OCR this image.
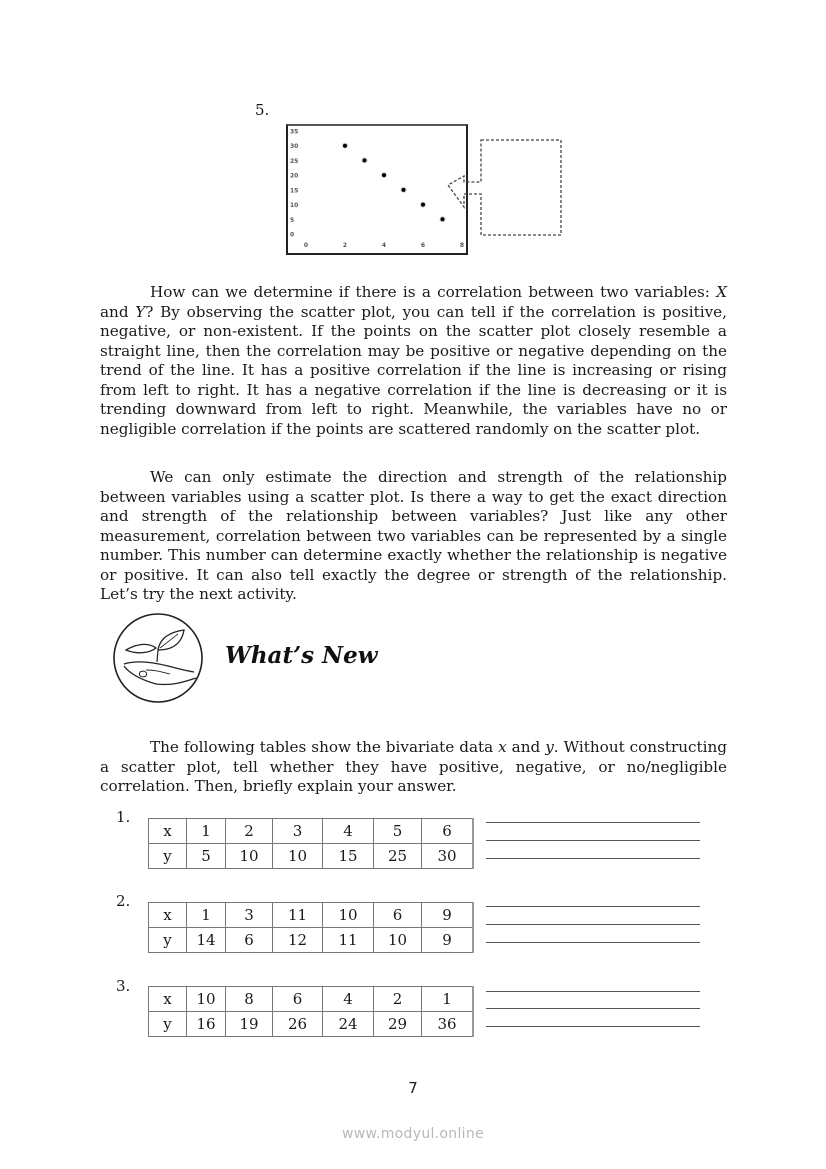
5.
0
5
10
15
20
25
30
35
0	2	4	6	8

How can we determine if there is a correlation between two variables: X and Y? By observing the scatter plot, you can tell if the correlation is positive, negative, or non-existent. If the points on the scatter plot closely resemble a straight line, then the correlation may be positive or negative depending on the trend of the line. It has a positive correlation if the line is increasing or rising from left to right. It has a negative correlation if the line is decreasing or it is trending downward from left to right. Meanwhile, the variables have no or negligible correlation if the points are scattered randomly on the scatter plot.

We can only estimate the direction and strength of the relationship between variables using a scatter plot. Is there a way to get the exact direction and strength of the relationship between variables? Just like any other measurement, correlation between two variables can be represented by a single number. This number can determine exactly whether the relationship is negative or positive. It can also tell exactly the degree or strength of the relationship. Let’s try the next activity.

What’s New

The following tables show the bivariate data x and y. Without constructing a scatter plot, tell whether they have positive, negative, or no/negligible correlation. Then, briefly explain your answer.

1.
x	1	2	3	4	5	6
y	5	10	10	15	25	30
2.
x	1	3	11	10	6	9
y	14	6	12	11	10	9
3.
x	10	8	6	4	2	1
y	16	19	26	24	29	36
7
www.modyul.online
